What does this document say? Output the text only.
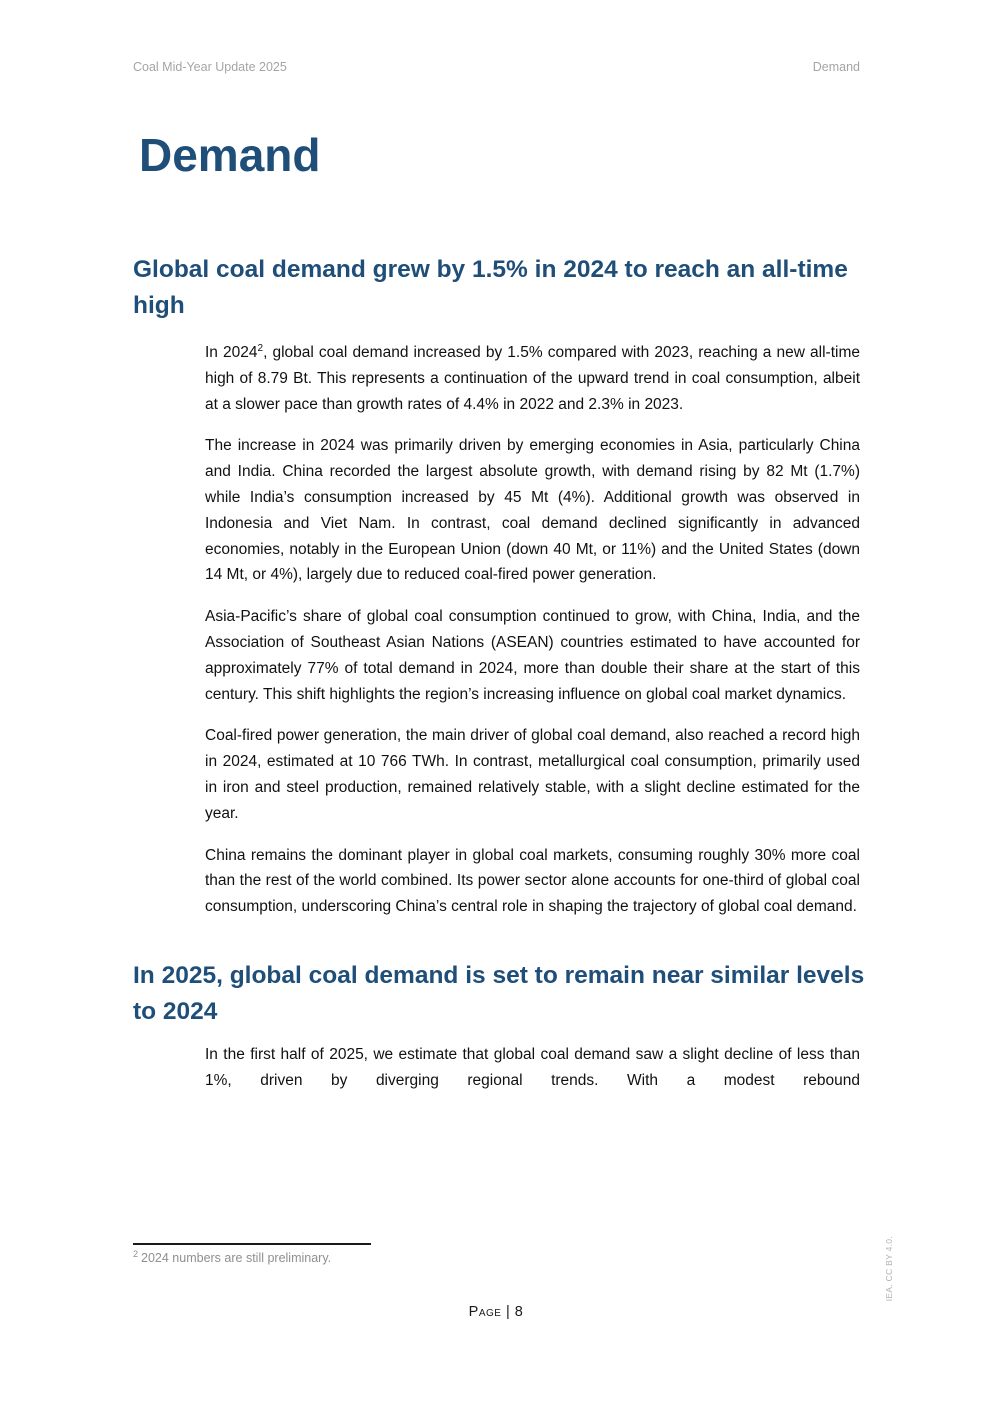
Coal Mid-Year Update 2025	Demand
Demand
Global coal demand grew by 1.5% in 2024 to reach an all-time high

In 2024$^2$, global coal demand increased by 1.5% compared with 2023, reaching a new all-time high of 8.79 Bt. This represents a continuation of the upward trend in coal consumption, albeit at a slower pace than growth rates of 4.4% in 2022 and 2.3% in 2023.

The increase in 2024 was primarily driven by emerging economies in Asia, particularly China and India. China recorded the largest absolute growth, with demand rising by 82 Mt (1.7%) while India’s consumption increased by 45 Mt (4%). Additional growth was observed in Indonesia and Viet Nam. In contrast, coal demand declined significantly in advanced economies, notably in the European Union (down 40 Mt, or 11%) and the United States (down 14 Mt, or 4%), largely due to reduced coal-fired power generation.

Asia-Pacific’s share of global coal consumption continued to grow, with China, India, and the Association of Southeast Asian Nations (ASEAN) countries estimated to have accounted for approximately 77% of total demand in 2024, more than double their share at the start of this century. This shift highlights the region’s increasing influence on global coal market dynamics.

Coal-fired power generation, the main driver of global coal demand, also reached a record high in 2024, estimated at 10 766 TWh. In contrast, metallurgical coal consumption, primarily used in iron and steel production, remained relatively stable, with a slight decline estimated for the year.

China remains the dominant player in global coal markets, consuming roughly 30% more coal than the rest of the world combined. Its power sector alone accounts for one-third of global coal consumption, underscoring China’s central role in shaping the trajectory of global coal demand.

In 2025, global coal demand is set to remain near similar levels to 2024

In the first half of 2025, we estimate that global coal demand saw a slight decline of less than 1%, driven by diverging regional trends. With a modest rebound

$^2$ 2024 numbers are still preliminary.

Page | 8
IEA. CC BY 4.0.
